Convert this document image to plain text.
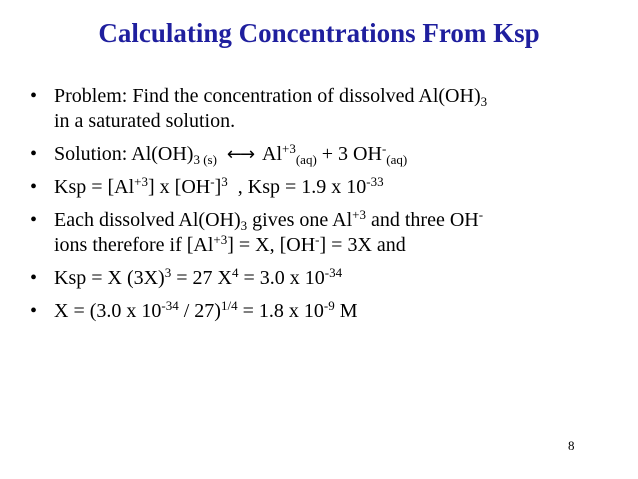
Calculating Concentrations From Ksp
• Problem: Find the concentration of dissolved $Al(OH)_3$
in a saturated solution.
• Solution: $Al(OH)_{3 (s)}$ ←→ $Al^{+3}_{(aq)} + 3$ $OH^-_{(aq)}$
• Ksp = $[Al^{+3}]$ x $[OH^-]^3$  , Ksp = 1.9 x $10^{-33}$
• Each dissolved $Al(OH)_3$ gives one $Al^{+3}$ and three OH-
ions therefore if $[Al^{+3}] = X$, [OH-] = 3X and
• Ksp = X $(3X)^3 = 27$ $X^4 = 3.0$ x $10^{-34}$
• X = (3.0 x $10^{-34} / 27)^{1/4} = 1.8$ x $10^{-9}$ M
8
